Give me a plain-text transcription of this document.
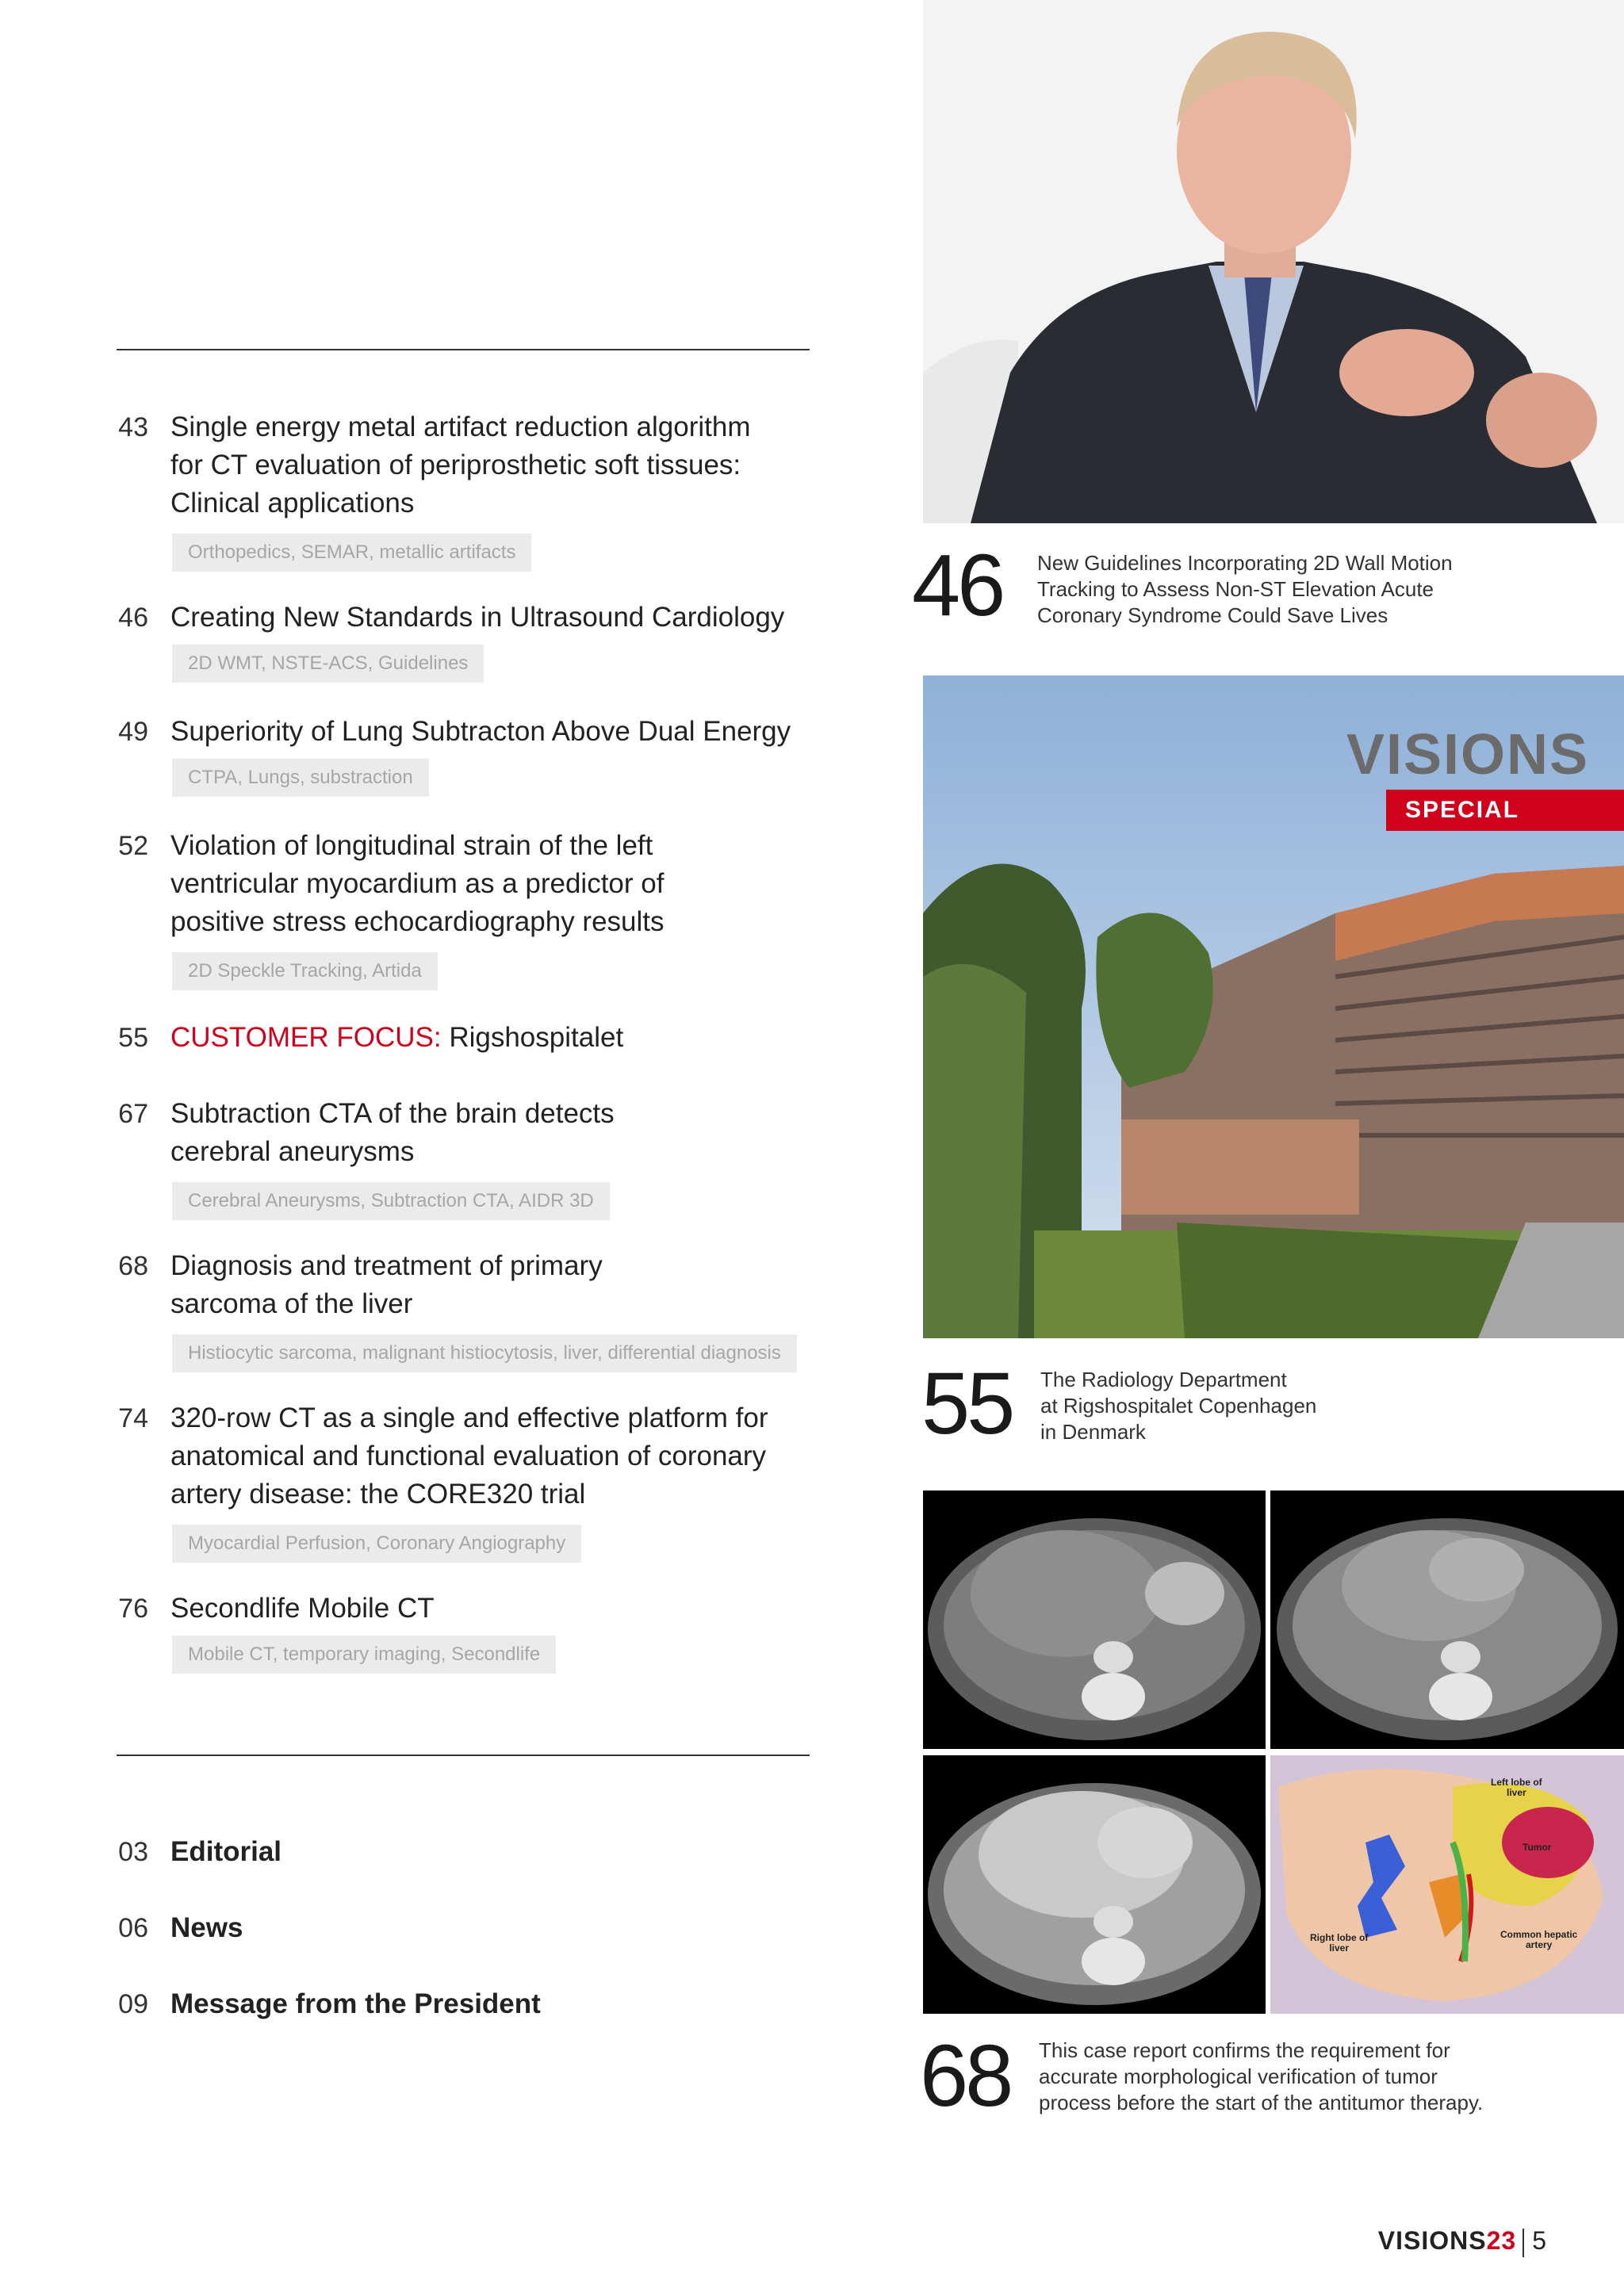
43 Single energy metal artifact reduction algorithm
for CT evaluation of periprosthetic soft tissues:
Clinical applications
Orthopedics, SEMAR, metallic artifacts
46 Creating New Standards in Ultrasound Cardiology
2D WMT, NSTE-ACS, Guidelines
49 Superiority of Lung Subtracton Above Dual Energy
CTPA, Lungs, substraction
52 Violation of longitudinal strain of the left
ventricular myocardium as a predictor of
positive stress echocardiography results
2D Speckle Tracking, Artida
55 CUSTOMER FOCUS: Rigshospitalet
67 Subtraction CTA of the brain detects
cerebral aneurysms
Cerebral Aneurysms, Subtraction CTA, AIDR 3D
68 Diagnosis and treatment of primary
sarcoma of the liver
Histiocytic sarcoma, malignant histiocytosis, liver, differential diagnosis
74 320-row CT as a single and effective platform for
anatomical and functional evaluation of coronary
artery disease: the CORE320 trial
Myocardial Perfusion, Coronary Angiography
76 Secondlife Mobile CT
Mobile CT, temporary imaging, Secondlife
03 Editorial
06 News
09 Message from the President
46 New Guidelines Incorporating 2D Wall Motion
Tracking to Assess Non-ST Elevation Acute
Coronary Syndrome Could Save Lives
VISIONS
SPECIAL
55 The Radiology Department
at Rigshospitalet Copenhagen
in Denmark
Left lobe of
liver
Tumor
Right lobe of
liver
Common hepatic
artery
68 This case report confirms the requirement for
accurate morphological verification of tumor
process before the start of the antitumor therapy.
VISIONS23 5
